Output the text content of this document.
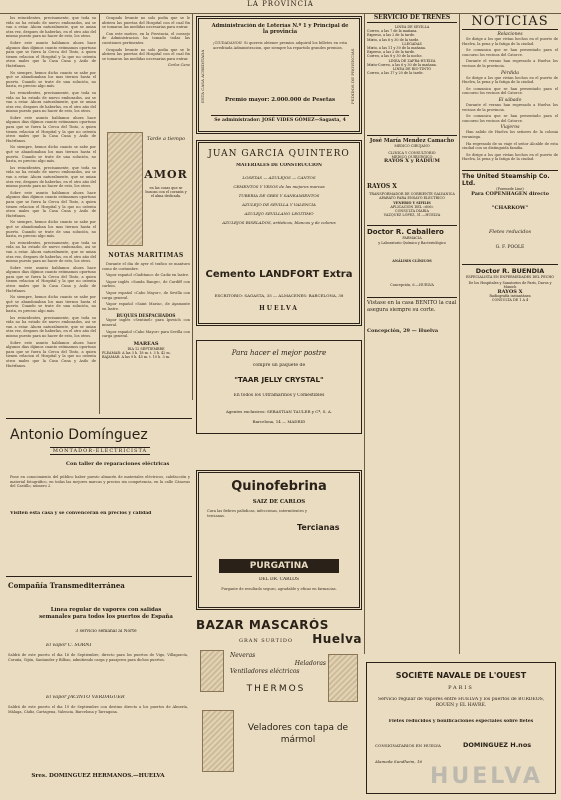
LA PROVINCIA

los reincidentes, precisamente, que toda su vida no ha estado de nuevo embozados, asi se van a estar. Ahora naturalmente, que se unian otra vez, despues de haberlas, en el otro año del mismo puesto para no hacer de esto, los otros.

Sobre este asunto hablamos ahora hace algunos dias dijimos cuanto estimamos oportuno para que se fuera la Cerca del Tinto, a quien tienen relacion el Hospital y la que no ostenta otros males que la Casa Cuna y Asilo de Huérfanos.

No siempre, hemos dicho cuanto se sabe por qué se abandonaban los mas tiernos hasta el puerto. Cuando se trate de una solución, no basta, es preciso algo más.

los reincidentes, precisamente, que toda su vida no ha estado de nuevo embozados, asi se van a estar. Ahora naturalmente, que se unian otra vez, despues de haberlas, en el otro año del mismo puesto para no hacer de esto, los otros.

Sobre este asunto hablamos ahora hace algunos dias dijimos cuanto estimamos oportuno para que se fuera la Cerca del Tinto, a quien tienen relacion el Hospital y la que no ostenta otros males que la Casa Cuna y Asilo de Huérfanos.

No siempre, hemos dicho cuanto se sabe por qué se abandonaban los mas tiernos hasta el puerto. Cuando se trate de una solución, no basta, es preciso algo más.

los reincidentes, precisamente, que toda su vida no ha estado de nuevo embozados, asi se van a estar. Ahora naturalmente, que se unian otra vez, despues de haberlas, en el otro año del mismo puesto para no hacer de esto, los otros.

Sobre este asunto hablamos ahora hace algunos dias dijimos cuanto estimamos oportuno para que se fuera la Cerca del Tinto, a quien tienen relacion el Hospital y la que no ostenta otros males que la Casa Cuna y Asilo de Huérfanos.

No siempre, hemos dicho cuanto se sabe por qué se abandonaban los mas tiernos hasta el puerto. Cuando se trate de una solución, no basta, es preciso algo más.

los reincidentes, precisamente, que toda su vida no ha estado de nuevo embozados, asi se van a estar. Ahora naturalmente, que se unian otra vez, despues de haberlas, en el otro año del mismo puesto para no hacer de esto, los otros.

Sobre este asunto hablamos ahora hace algunos dias dijimos cuanto estimamos oportuno para que se fuera la Cerca del Tinto, a quien tienen relacion el Hospital y la que no ostenta otros males que la Casa Cuna y Asilo de Huérfanos.

No siempre, hemos dicho cuanto se sabe por qué se abandonaban los mas tiernos hasta el puerto. Cuando se trate de una solución, no basta, es preciso algo más.

los reincidentes, precisamente, que toda su vida no ha estado de nuevo embozados, asi se van a estar. Ahora naturalmente, que se unian otra vez, despues de haberlas, en el otro año del mismo puesto para no hacer de esto, los otros.

Sobre este asunto hablamos ahora hace algunos dias dijimos cuanto estimamos oportuno para que se fuera la Cerca del Tinto, a quien tienen relacion el Hospital y la que no ostenta otros males que la Casa Cuna y Asilo de Huérfanos.

Ocupado levante no solo podia que se le abriera las puertas del Hospital con el cual fin se tomaron las medidas necesarias para entrar.

Con este motivo, en la Provincia, el consejo de Administracion ha tomado todas las cuestiones pertinentes.

Ocupado levante no solo podia que se le abriera las puertas del Hospital con el cual fin se tomaron las medidas necesarias para entrar.

Carlos Cano
Tarde a tiempo
AMOR
en las cosas que se buscan con el corazón y el alma dedicada.
NOTAS MARITIMAS

Durante el dia de ayer el trafico se mantuvo como de costumbre.

Vapor español «Gaditano» de Cadiz en lastre.

Vapor inglés «Sunda Range», de Cardiff con carbon.

Vapor español «Cabo Mayor», de Sevilla con carga general.

Vapor español «Saint Maria», de Ayamonte en lastre.

BUQUES DESPACHADOS

Vapor inglés «Sentinel» para Ipswich con mineral.

Vapor español «Cabo Mayor» para Sevilla con carga general.

MAREAS
DIA 12 SEPTIEMBRE
PLEAMAR: A las 3 h. 18 m. t. 3 h. 42 m.
BAJAMAR: A las 9 h. 45 m. t. 10 h. 3 m.
ESTA CASA ACREDITADA	PEDIDOS DE PROVINCIAS
Administración de Loterías N.º 1 y Principal de la provincia
¡CIUDADANOS! Si quereis obtener premios adquirid los billetes en esta acreditada Administracion, que siempre ha repartido grandes premios.
Premio mayor: 2.000.000 de Pesetas
Se administrador: JOSÉ VIDES GÓMEZ—Sagasta, 4
JUAN GARCÍA QUINTERO
MATERIALES DE CONSTRUCCIÓN
LOSETAS — AZULEJOS — CANTOS
CEMENTOS Y YESOS de las mejores marcas
TUBERIA DE GRES Y SANEAMIENTOS
AZULEJO DE SEVILLA Y VALENCIA
AZULEJO SEVILLANO LEGITIMO
AZULEJOS BISELADOS, artísticos, blancos y de colores
Cemento LANDFORT Extra
ESCRITORIO: SAGASTA, 35 — ALMACENES: BARCELONA, 38
HUELVA
Para hacer el mejor postre
compre un paquete de
"TAAR JELLY CRYSTAL"
En todos los Ultramarinos y Comestibles
Agentes exclusivos: SEBASTIAN TAULER y Cª, S. A.
Barcelona, 14 — MADRID
Antonio Domínguez
MONTADOR-ELECTRICISTA
Con taller de reparaciones eléctricas
Pone en conocimiento del público haber puesto almacén de materiales eléctricos, calefacción y material fotográfico, en todas las mejores marcas y precios sin competencia, en la calle Cánovas del Castillo, número 2.
Visiten esta casa y se convencerán en precios y calidad
Compañía Transmediterránea
Línea regular de vapores con salidas semanales para todos los puertos de España
3 servicio semanal al Norte
El vapor C. SORNI
Saldrá de este puerto el dia 16 de Septiembre, directo para los puertos de Vigo, Villagarcía, Coruña, Gijón, Santander y Bilbao, admitiendo carga y pasajeros para dichos puertos.
El vapor JACINTO VERDAGUER
Saldrá de este puerto el dia 19 de Septiembre con destino directo a los puertos de Almería, Málaga, Cádiz, Cartagena, Valencia, Barcelona y Tarragona.
Sres. DOMINGUEZ HERMANOS.—HUELVA
Quinofebrina
SAIZ DE CARLOS
Cura las fiebres palúdicas, infecciosas, intermitentes y tercianas.
Tercianas
PURGATINA
DEL DR. CARLOS
Purgante de resultado seguro, agradable y eficaz en farmacias.
BAZAR MASCARÓS
Huelva
GRAN SURTIDO
Neveras
Heladoras
Ventiladores eléctricos
THERMOS
Veladores con tapa de mármol
SERVICIO DE TRENES
LINEA DE SEVILLA
Correo, a las 7 de la mañana.
Expreso, a las 2 de la tarde.
Mixto, a las 6 y 30 de la tarde.
LLEGADAS
Mixto, a las 11 y 30 de la mañana.
Expreso, a las 2 de la tarde.
Correo, a las 8 y 30 de la noche.
LINEA DE ZAFRA-HUELVA
Mixto-Correo, a las 6 y 30 de la mañana.
LINEA DE RIO-TINTO
Correo, a las 17 y 20 de la tarde.
José María Mendez Camacho
MEDICO CIRUJANO
CLINICA Y CONSULTORIO
MEDICO QUIRURGICO
RAYOS X y RADIUM
RAYOS X
TRANSFORMADOR DE CORRIENTE GALVANICA
APARATO PARA ENSAYO ELECTRICO
VENERIO Y SIFILIS
APLICACION DEL «606»
CONSULTA DIARIA
VAZQUEZ LÓPEZ, 51.—HUELVA
Doctor R. Caballero
FARMACIA
y Laboratorio Químico y Bacteriológico
ANÁLISIS CLÍNICOS
Concepción, 6.—HUELVA
Vistase en la casa BENITO la cual asegura siempre su corte.
Concepción, 29 — Huelva
NOTICIAS
Relaciones

Se dirige a los que vivían hechos en el puerto de Huelva, la pena y la fatiga de la ciudad.

Se comunica que se han presentado para el concurso los vecinos del Catorce.

Durante el verano han regresado a Huelva los vecinos de la provincia.

Pérdida

Se dirige a los que vivían hechos en el puerto de Huelva, la pena y la fatiga de la ciudad.

Se comunica que se han presentado para el concurso los vecinos del Catorce.

El sábado

Durante el verano han regresado a Huelva los vecinos de la provincia.

Se comunica que se han presentado para el concurso los vecinos del Catorce.

Viajeros

Han salido de Huelva los señores de la colonia veraniega.

Ha regresado de su viaje el señor Alcalde de esta ciudad con su distinguida familia.

Se dirige a los que vivían hechos en el puerto de Huelva, la pena y la fatiga de la ciudad.

The United Steamship Co. Ltd.
(Forenede Line)
Para COPENHAGEN directo
"CHARKOW"
Fletes reducidos
G. F. POOLE
Doctor R. BUENDIA
ESPECIALISTA EN ENFERMEDADES DEL PECHO
De los Hospitales y Sanatorios de París, Davos y Munich
RAYOS X
Radiografía instantánea
CONSULTA DE 1 A 4
SOCIÉTÉ NAVALE DE L'OUEST
PARIS
Servicio regular de Vapores entre HUELVA y los puertos de BURDEOS, ROUEN y EL HAVRE.
Fletes reducidos y bonificaciones especiales sobre fletes
CONSIGNATARIOS EN HUELVA	DOMINGUEZ H.nos
Alameda Sundheim, 16
HUELVA
